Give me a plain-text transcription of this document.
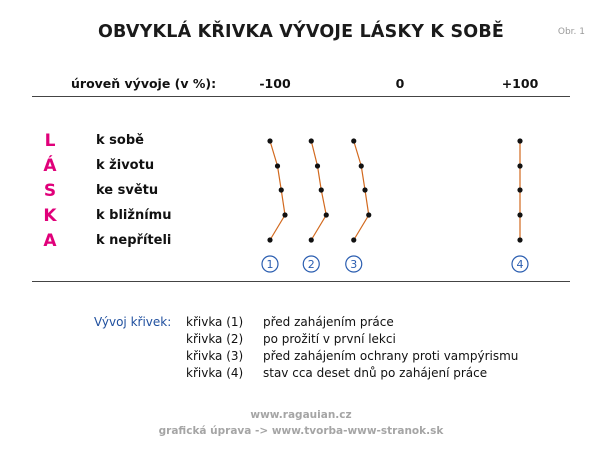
OBVYKLÁ KŘIVKA VÝVOJE LÁSKY K SOBĚ	Obr. 1
úroveň vývoje (v %):	-100	0	+100
L
Á
S
K
A
k sobě
k životu
ke světu
k bližnímu
k nepříteli
1	2	3	4
Vývoj křivek: křivka (1) před zahájením práce
křivka (2) po prožití v první lekci
křivka (3) před zahájením ochrany proti vampýrismu
křivka (4) stav cca deset dnů po zahájení práce
www.ragauian.cz
grafická úprava -> www.tvorba-www-stranok.sk
